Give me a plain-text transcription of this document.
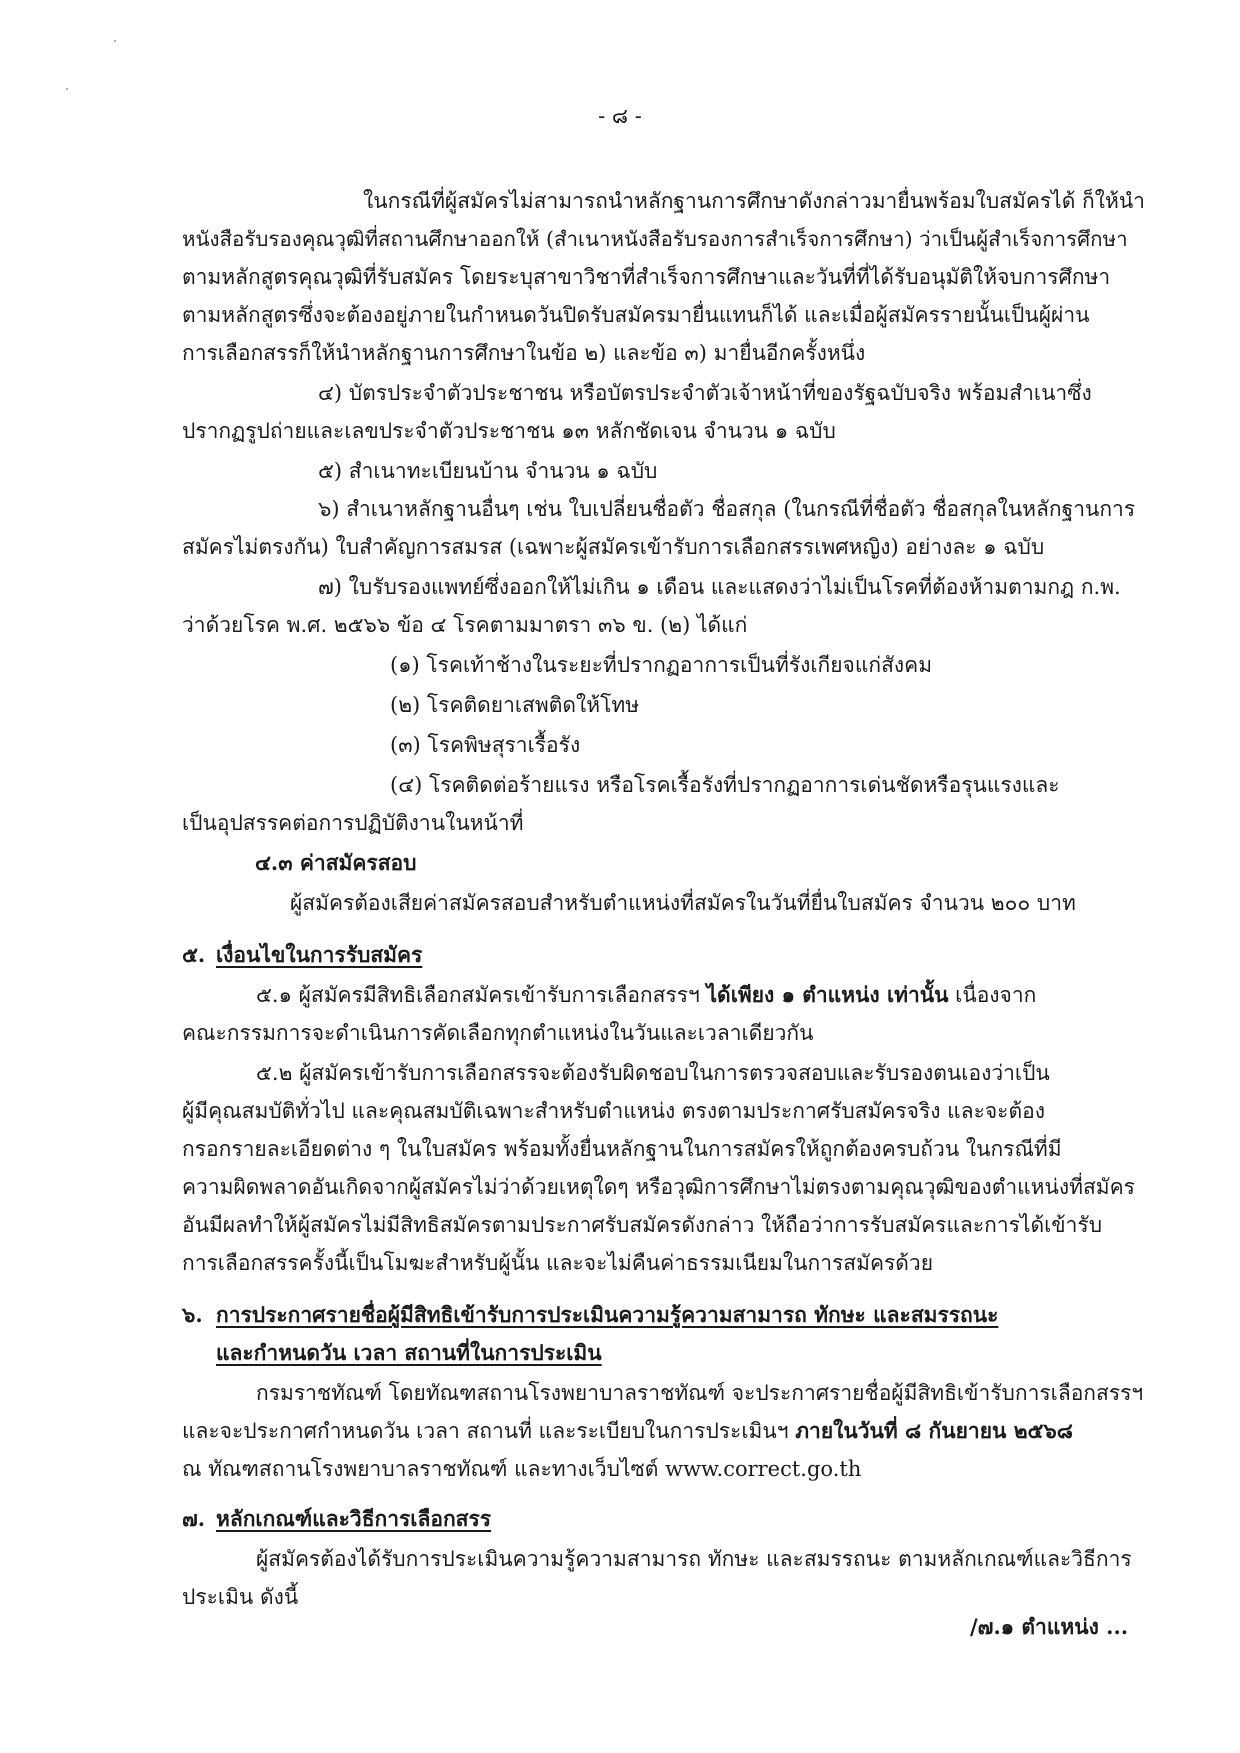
- ๘ -
ในกรณีที่ผู้สมัครไม่สามารถนำหลักฐานการศึกษาดังกล่าวมายื่นพร้อมใบสมัครได้ ก็ให้นำ
หนังสือรับรองคุณวุฒิที่สถานศึกษาออกให้ (สำเนาหนังสือรับรองการสำเร็จการศึกษา) ว่าเป็นผู้สำเร็จการศึกษา
ตามหลักสูตรคุณวุฒิที่รับสมัคร โดยระบุสาขาวิชาที่สำเร็จการศึกษาและวันที่ที่ได้รับอนุมัติให้จบการศึกษา
ตามหลักสูตรซึ่งจะต้องอยู่ภายในกำหนดวันปิดรับสมัครมายื่นแทนก็ได้ และเมื่อผู้สมัครรายนั้นเป็นผู้ผ่าน
การเลือกสรรก็ให้นำหลักฐานการศึกษาในข้อ ๒) และข้อ ๓) มายื่นอีกครั้งหนึ่ง
๔) บัตรประจำตัวประชาชน หรือบัตรประจำตัวเจ้าหน้าที่ของรัฐฉบับจริง พร้อมสำเนาซึ่ง
ปรากฏรูปถ่ายและเลขประจำตัวประชาชน ๑๓ หลักชัดเจน จำนวน ๑ ฉบับ
๕) สำเนาทะเบียนบ้าน จำนวน ๑ ฉบับ
๖) สำเนาหลักฐานอื่นๆ เช่น ใบเปลี่ยนชื่อตัว ชื่อสกุล (ในกรณีที่ชื่อตัว ชื่อสกุลในหลักฐานการ
สมัครไม่ตรงกัน) ใบสำคัญการสมรส (เฉพาะผู้สมัครเข้ารับการเลือกสรรเพศหญิง) อย่างละ ๑ ฉบับ
๗) ใบรับรองแพทย์ซึ่งออกให้ไม่เกิน ๑ เดือน และแสดงว่าไม่เป็นโรคที่ต้องห้ามตามกฎ ก.พ.
ว่าด้วยโรค พ.ศ. ๒๕๖๖ ข้อ ๔ โรคตามมาตรา ๓๖ ข. (๒) ได้แก่
(๑) โรคเท้าช้างในระยะที่ปรากฏอาการเป็นที่รังเกียจแก่สังคม
(๒) โรคติดยาเสพติดให้โทษ
(๓) โรคพิษสุราเรื้อรัง
(๔) โรคติดต่อร้ายแรง หรือโรคเรื้อรังที่ปรากฏอาการเด่นชัดหรือรุนแรงและ
เป็นอุปสรรคต่อการปฏิบัติงานในหน้าที่
๔.๓ ค่าสมัครสอบ
ผู้สมัครต้องเสียค่าสมัครสอบสำหรับตำแหน่งที่สมัครในวันที่ยื่นใบสมัคร จำนวน ๒๐๐ บาท
๕. เงื่อนไขในการรับสมัคร
๕.๑ ผู้สมัครมีสิทธิเลือกสมัครเข้ารับการเลือกสรรฯ ได้เพียง ๑ ตำแหน่ง เท่านั้น เนื่องจาก
คณะกรรมการจะดำเนินการคัดเลือกทุกตำแหน่งในวันและเวลาเดียวกัน
๕.๒ ผู้สมัครเข้ารับการเลือกสรรจะต้องรับผิดชอบในการตรวจสอบและรับรองตนเองว่าเป็น
ผู้มีคุณสมบัติทั่วไป และคุณสมบัติเฉพาะสำหรับตำแหน่ง ตรงตามประกาศรับสมัครจริง และจะต้อง
กรอกรายละเอียดต่าง ๆ ในใบสมัคร พร้อมทั้งยื่นหลักฐานในการสมัครให้ถูกต้องครบถ้วน ในกรณีที่มี
ความผิดพลาดอันเกิดจากผู้สมัครไม่ว่าด้วยเหตุใดๆ หรือวุฒิการศึกษาไม่ตรงตามคุณวุฒิของตำแหน่งที่สมัคร
อันมีผลทำให้ผู้สมัครไม่มีสิทธิสมัครตามประกาศรับสมัครดังกล่าว ให้ถือว่าการรับสมัครและการได้เข้ารับ
การเลือกสรรครั้งนี้เป็นโมฆะสำหรับผู้นั้น และจะไม่คืนค่าธรรมเนียมในการสมัครด้วย
๖. การประกาศรายชื่อผู้มีสิทธิเข้ารับการประเมินความรู้ความสามารถ ทักษะ และสมรรถนะ
และกำหนดวัน เวลา สถานที่ในการประเมิน
กรมราชทัณฑ์ โดยทัณฑสถานโรงพยาบาลราชทัณฑ์ จะประกาศรายชื่อผู้มีสิทธิเข้ารับการเลือกสรรฯ
และจะประกาศกำหนดวัน เวลา สถานที่ และระเบียบในการประเมินฯ ภายในวันที่ ๘ กันยายน ๒๕๖๘
ณ ทัณฑสถานโรงพยาบาลราชทัณฑ์ และทางเว็บไซต์ www.correct.go.th
๗. หลักเกณฑ์และวิธีการเลือกสรร
ผู้สมัครต้องได้รับการประเมินความรู้ความสามารถ ทักษะ และสมรรถนะ ตามหลักเกณฑ์และวิธีการ
ประเมิน ดังนี้
/๗.๑ ตำแหน่ง ...
